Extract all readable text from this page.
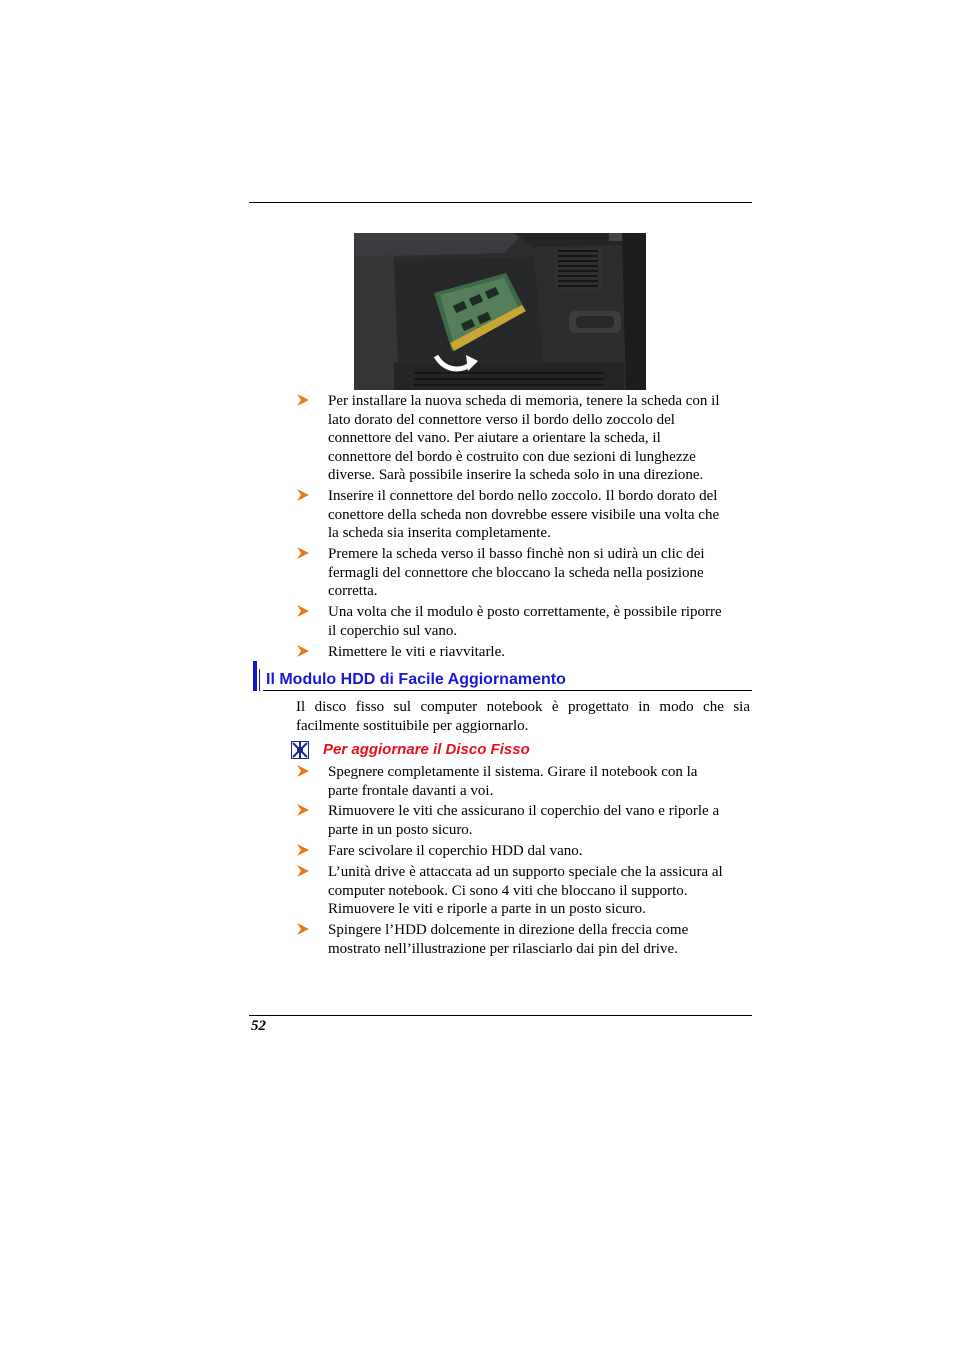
Per installare la nuova scheda di memoria, tenere la scheda con il
lato dorato del connettore verso il bordo dello zoccolo del
connettore del vano. Per aiutare a orientare la scheda, il
connettore del bordo è costruito con due sezioni di lunghezze
diverse. Sarà possibile inserire la scheda solo in una direzione.
Inserire il connettore del bordo nello zoccolo. Il bordo dorato del
conettore della scheda non dovrebbe essere visibile una volta che
la scheda sia inserita completamente.
Premere la scheda verso il basso finchè non si udirà un clic dei
fermagli del connettore che bloccano la scheda nella posizione
corretta.
Una volta che il modulo è posto correttamente, è possibile riporre
il coperchio sul vano.
Rimettere le viti e riavvitarle.
Il Modulo HDD di Facile Aggiornamento
Il disco fisso sul computer notebook è progettato in modo che sia facilmente sostituibile per aggiornarlo.
Per aggiornare il Disco Fisso
Spegnere completamente il sistema. Girare il notebook con la
parte frontale davanti a voi.
Rimuovere le viti che assicurano il coperchio del vano e riporle a
parte in un posto sicuro.
Fare scivolare il coperchio HDD dal vano.
L’unità drive è attaccata ad un supporto speciale che la assicura al
computer notebook. Ci sono 4 viti che bloccano il supporto.
Rimuovere le viti e riporle a parte in un posto sicuro.
Spingere l’HDD dolcemente in direzione della freccia come
mostrato nell’illustrazione per rilasciarlo dai pin del drive.
52
